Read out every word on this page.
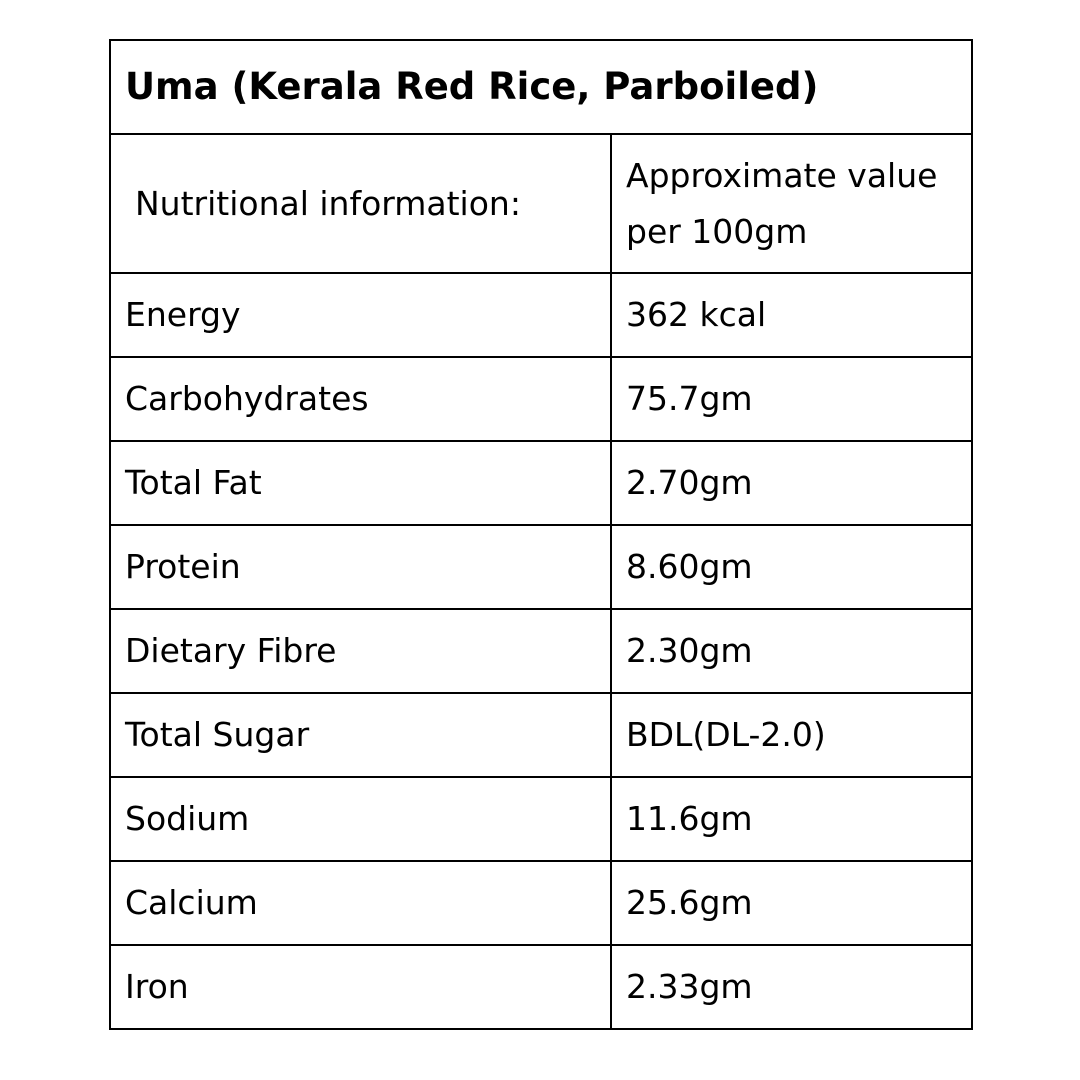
Uma (Kerala Red Rice, Parboiled)	
Nutritional information:	Approximate value per 100gm
Energy	362 kcal
Carbohydrates	75.7gm
Total Fat	2.70gm
Protein	8.60gm
Dietary Fibre	2.30gm
Total Sugar	BDL(DL-2.0)
Sodium	11.6gm
Calcium	25.6gm
Iron	2.33gm
